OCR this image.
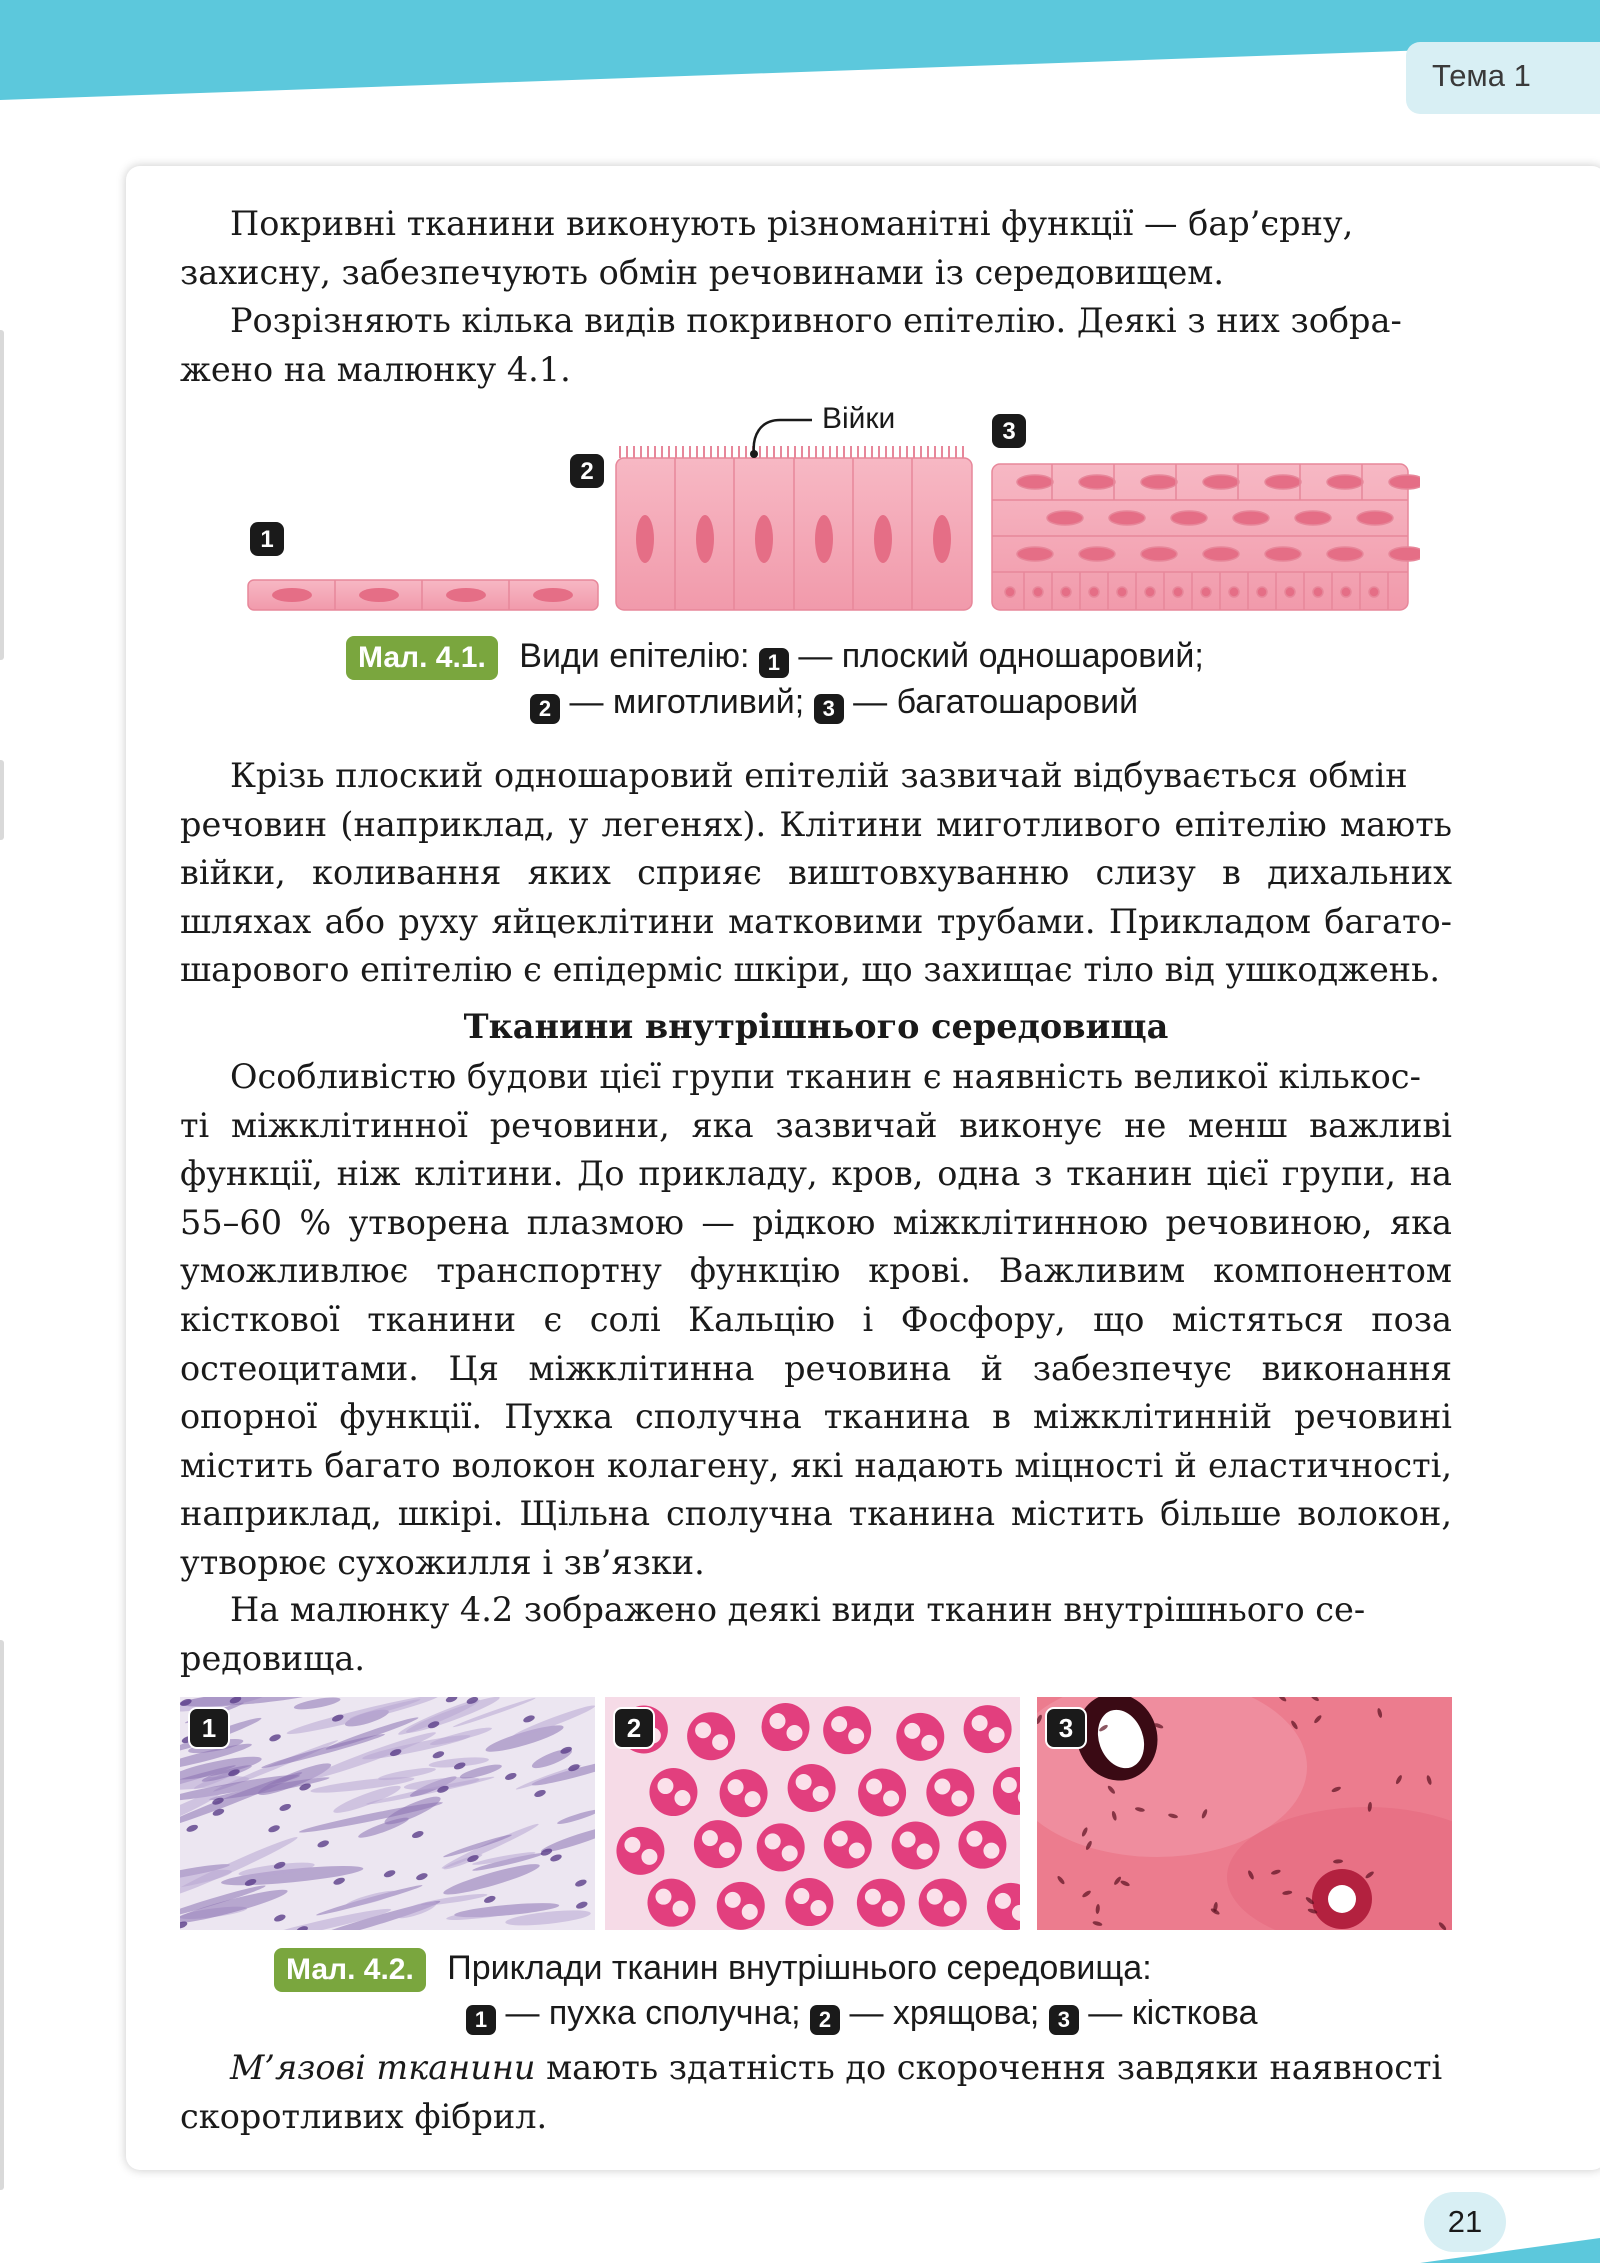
Тема 1

Покривні тканини виконують різноманітні функції — бар’єрну,
захисну, забезпечують обмін речовинами із середовищем.

Розрізняють кілька видів покривного епітелію. Деякі з них зобра-
жено на малюнку 4.1.

1
Війки
2
3
Мал. 4.1. Види епітелію: 1 — плоский одношаровий;
2 — миготливий; 3 — багатошаровий

Крізь плоский одношаровий епітелій зазвичай відбувається обмін
речовин (наприклад, у легенях). Клітини миготливого епітелію мають війки, коливання яких сприяє виштовхуванню слизу в дихальних шляхах або руху яйцеклітини матковими трубами. Прикладом багатошарового епітелію є епідерміс шкіри, що захищає тіло від ушкоджень.

Тканини внутрішнього середовища

Особливістю будови цієї групи тканин є наявність великої кількос-
ті міжклітинної речовини, яка зазвичай виконує не менш важливі функції, ніж клітини. До прикладу, кров, одна з тканин цієї групи, на 55–60 % утворена плазмою — рідкою міжклітинною речовиною, яка уможливлює транспортну функцію крові. Важливим компонентом кісткової тканини є солі Кальцію і Фосфору, що містяться поза остеоцитами. Ця міжклітинна речовина й забезпечує виконання опорної функції. Пухка сполучна тканина в міжклітинній речовині містить багато волокон колагену, які надають міцності й еластичності, наприклад, шкірі. Щільна сполучна тканина містить більше волокон, утворює сухожилля і зв’язки.

На малюнку 4.2 зображено деякі види тканин внутрішнього се-
редовища.

1	2	3
Мал. 4.2. Приклади тканин внутрішнього середовища:
1 — пухка сполучна; 2 — хрящова; 3 — кісткова

М’язові тканини мають здатність до скорочення завдяки наявності
скоротливих фібрил.

21
